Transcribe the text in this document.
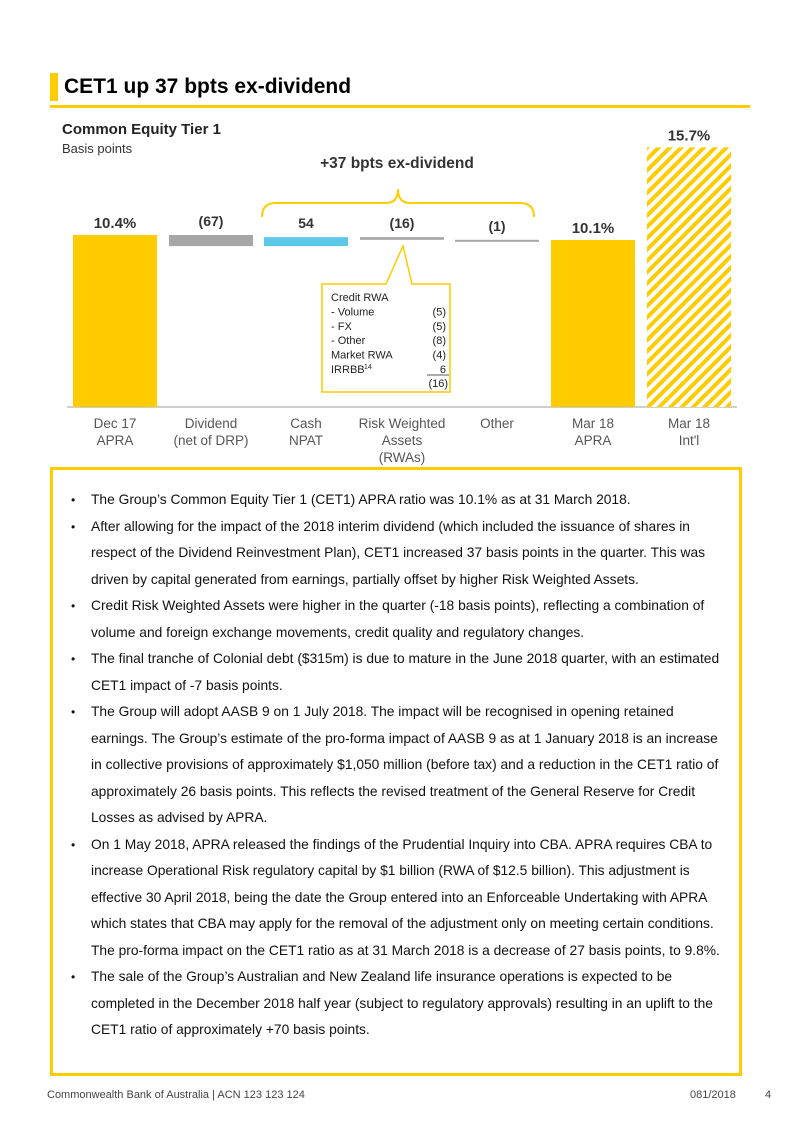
CET1 up 37 bpts ex-dividend
Common Equity Tier 1
Basis points
10.4%
Dec 17
APRA
(67)
Dividend
(net of DRP)
54
Cash
NPAT
(16)
Risk Weighted
Assets
(RWAs)
(1)
Other
10.1%
Mar 18
APRA
15.7%
Mar 18
Int'l
+37 bpts ex-dividend
Credit RWA
- Volume	(5)
- FX	(5)
- Other	(8)
Market RWA	(4)
IRRBB 14	6
(16)
• The Group’s Common Equity Tier 1 (CET1) APRA ratio was 10.1% as at 31 March 2018.
• After allowing for the impact of the 2018 interim dividend (which included the issuance of shares in respect of the Dividend Reinvestment Plan), CET1 increased 37 basis points in the quarter. This was driven by capital generated from earnings, partially offset by higher Risk Weighted Assets.
• Credit Risk Weighted Assets were higher in the quarter (-18 basis points), reflecting a combination of volume and foreign exchange movements, credit quality and regulatory changes.
• The final tranche of Colonial debt ($315m) is due to mature in the June 2018 quarter, with an estimated CET1 impact of -7 basis points.
• The Group will adopt AASB 9 on 1 July 2018. The impact will be recognised in opening retained earnings. The Group’s estimate of the pro-forma impact of AASB 9 as at 1 January 2018 is an increase in collective provisions of approximately $1,050 million (before tax) and a reduction in the CET1 ratio of approximately 26 basis points. This reflects the revised treatment of the General Reserve for Credit Losses as advised by APRA.
• On 1 May 2018, APRA released the findings of the Prudential Inquiry into CBA. APRA requires CBA to increase Operational Risk regulatory capital by $1 billion (RWA of $12.5 billion). This adjustment is effective 30 April 2018, being the date the Group entered into an Enforceable Undertaking with APRA which states that CBA may apply for the removal of the adjustment only on meeting certain conditions. The pro-forma impact on the CET1 ratio as at 31 March 2018 is a decrease of 27 basis points, to 9.8%.
• The sale of the Group’s Australian and New Zealand life insurance operations is expected to be completed in the December 2018 half year (subject to regulatory approvals) resulting in an uplift to the CET1 ratio of approximately +70 basis points.
Commonwealth Bank of Australia | ACN 123 123 124	081/2018	4
